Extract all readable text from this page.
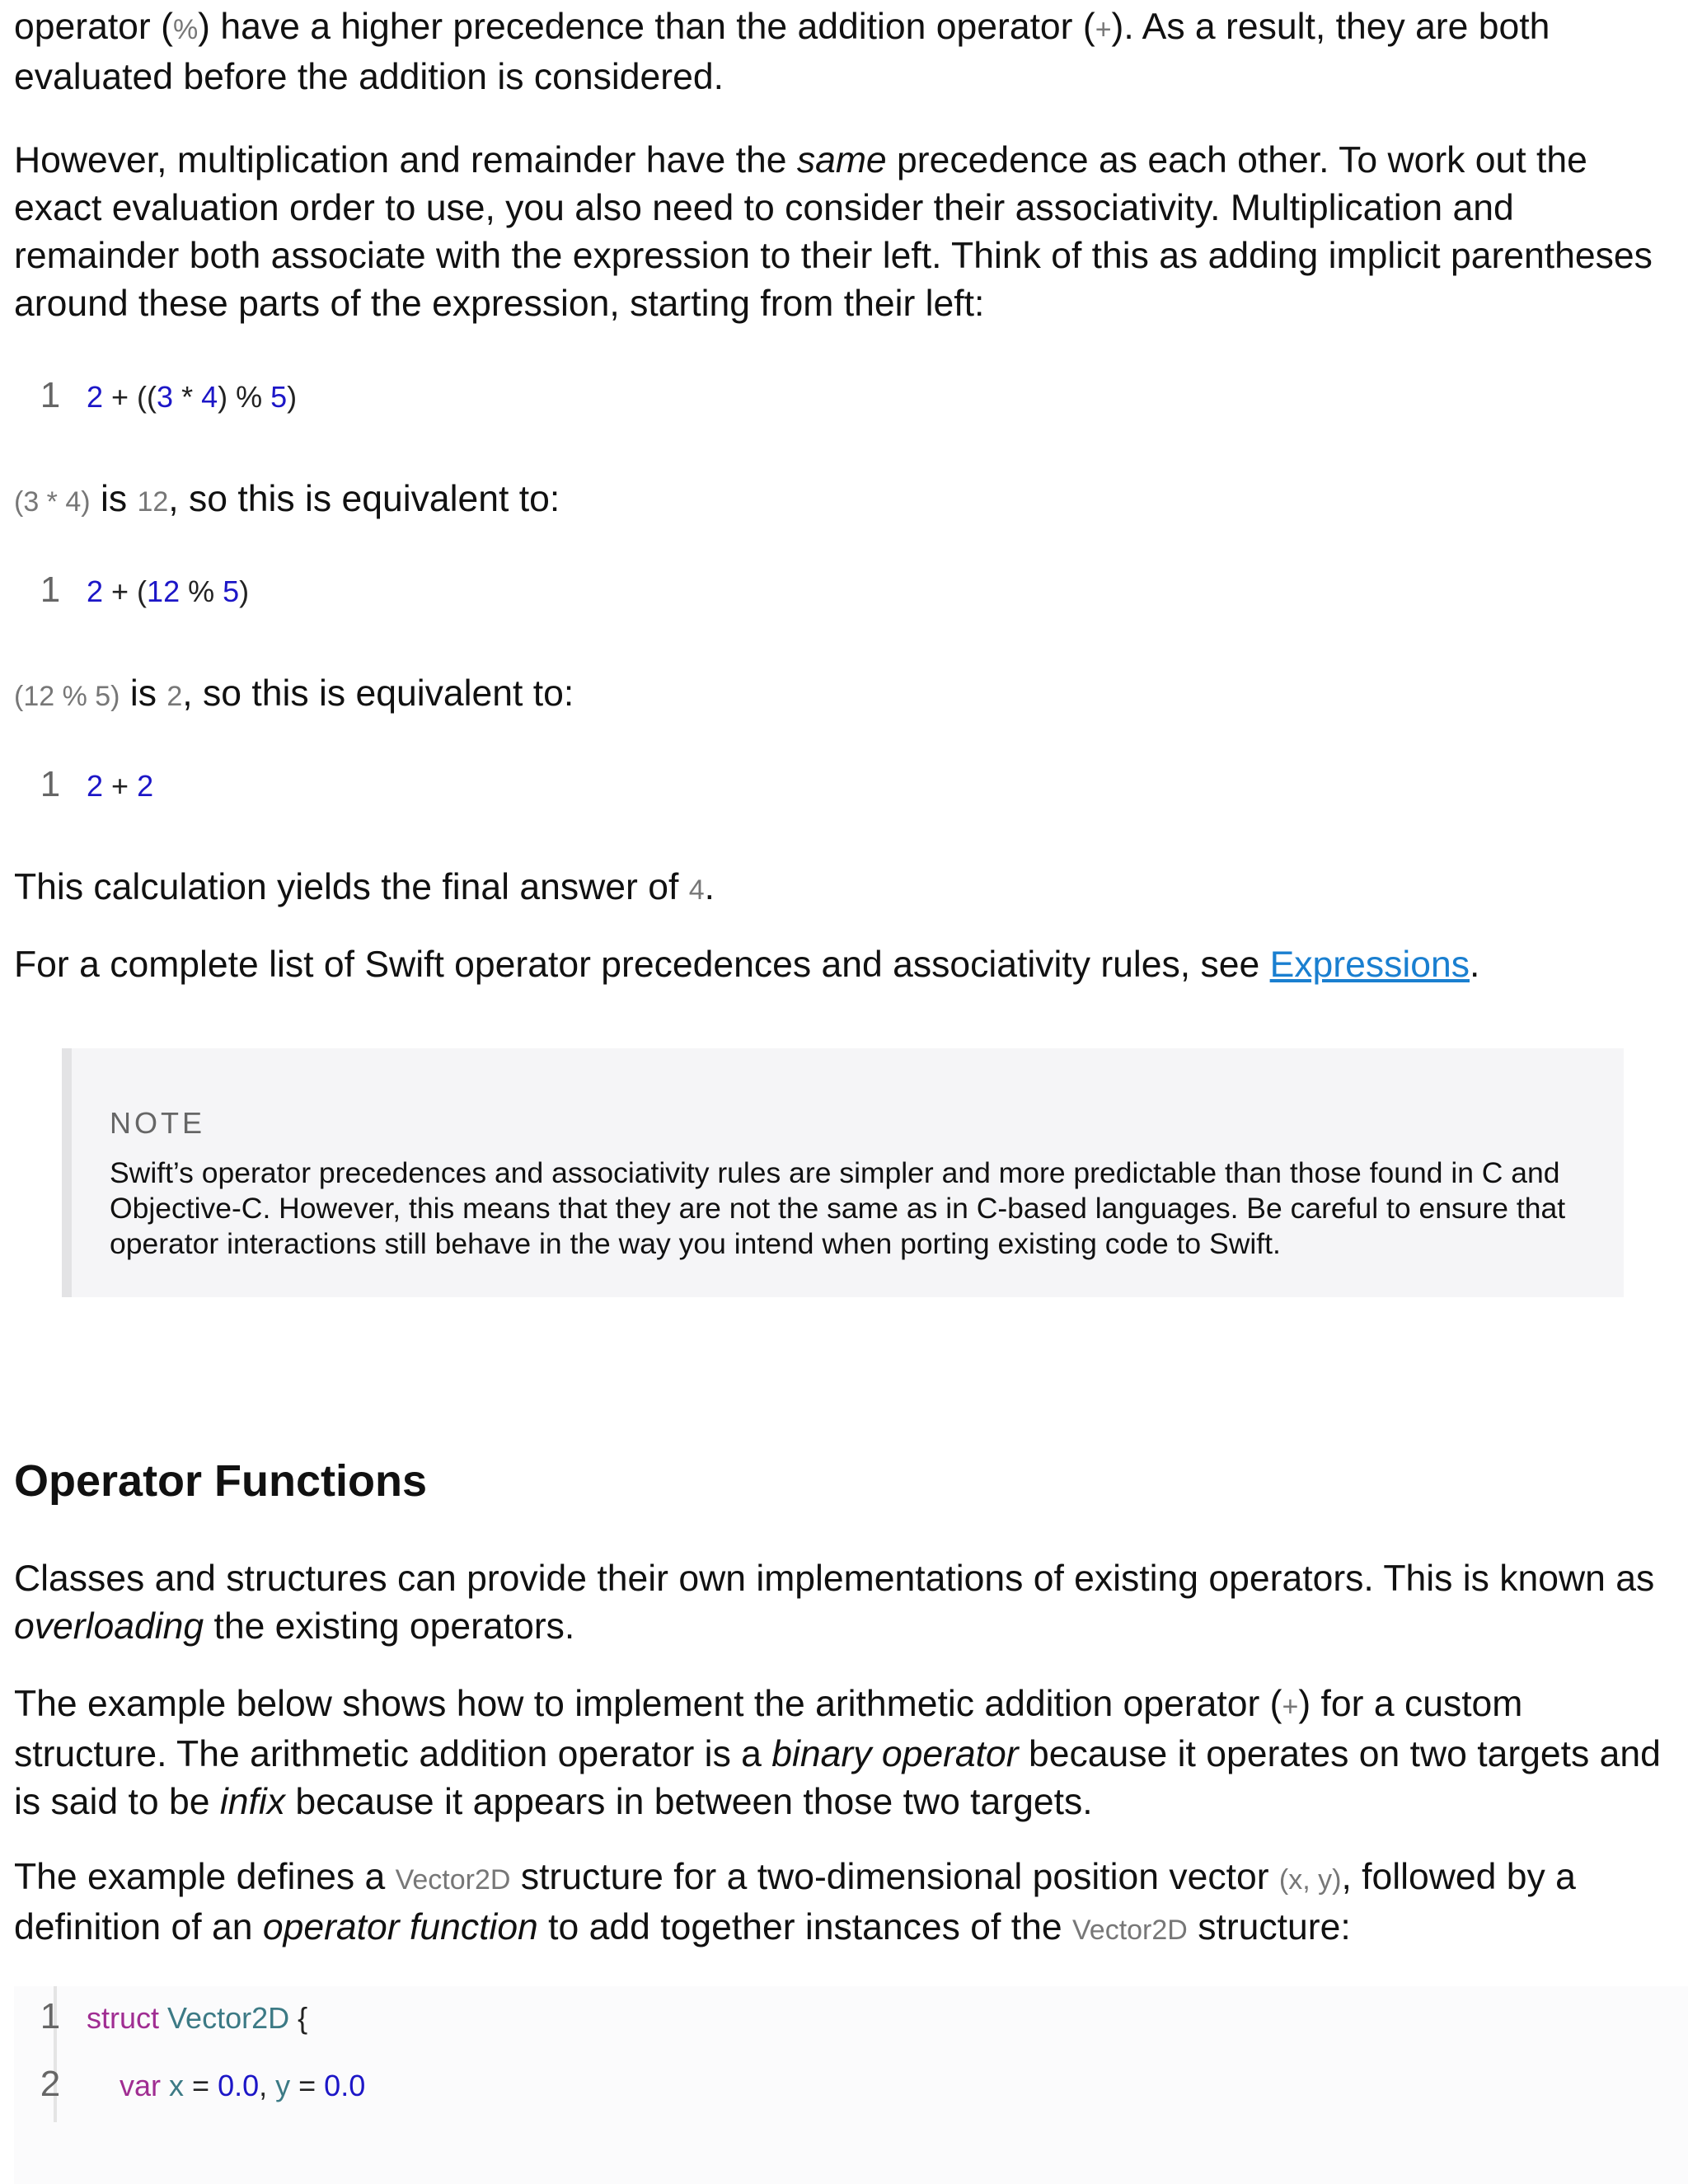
operator (%) have a higher precedence than the addition operator (+). As a result, they are both evaluated before the addition is considered.

However, multiplication and remainder have the same precedence as each other. To work out the exact evaluation order to use, you also need to consider their associativity. Multiplication and remainder both associate with the expression to their left. Think of this as adding implicit parentheses around these parts of the expression, starting from their left:

1 2 + ((3 * 4) % 5)

(3 * 4) is 12, so this is equivalent to:

1 2 + (12 % 5)

(12 % 5) is 2, so this is equivalent to:

1 2 + 2

This calculation yields the final answer of 4.

For a complete list of Swift operator precedences and associativity rules, see Expressions.

NOTE

Swift’s operator precedences and associativity rules are simpler and more predictable than those found in C and Objective-C. However, this means that they are not the same as in C-based languages. Be careful to ensure that operator interactions still behave in the way you intend when porting existing code to Swift.

Operator Functions

Classes and structures can provide their own implementations of existing operators. This is known as overloading the existing operators.

The example below shows how to implement the arithmetic addition operator (+) for a custom structure. The arithmetic addition operator is a binary operator because it operates on two targets and is said to be infix because it appears in between those two targets.

The example defines a Vector2D structure for a two-dimensional position vector (x, y), followed by a definition of an operator function to add together instances of the Vector2D structure:

1 struct Vector2D {
2	var x = 0.0, y = 0.0
